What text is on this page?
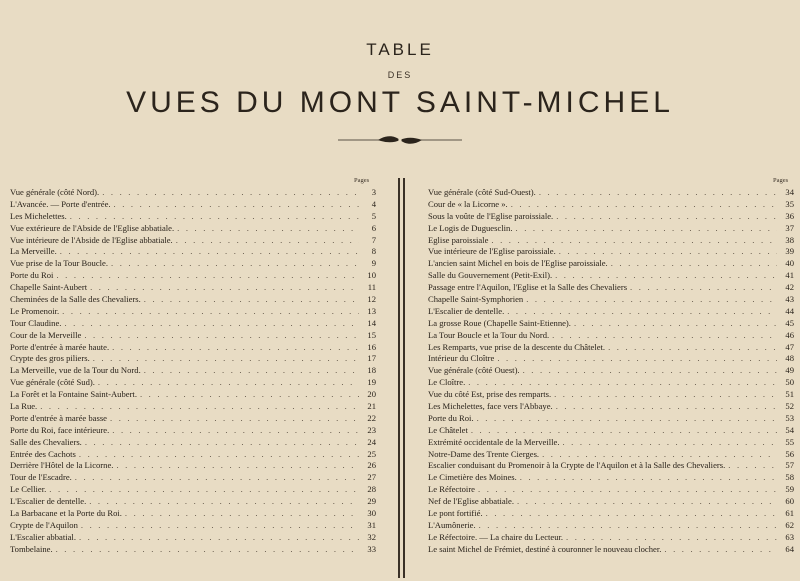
TABLE
DES
VUES DU MONT SAINT-MICHEL
Pages	Pages
Vue générale (côté Nord). . . .	3
L'Avancée. — Porte d'entrée. . . .	4
Les Michelettes. . . .	5
Vue extérieure de l'Abside de l'Eglise abbatiale. . . .	6
Vue intérieure de l'Abside de l'Eglise abbatiale. . . .	7
La Merveille. . . .	8
Vue prise de la Tour Boucle. . . .	9
Porte du Roi . . .	10
Chapelle Saint-Aubert . . .	11
Cheminées de la Salle des Chevaliers. . . .	12
Le Promenoir. . . .	13
Tour Claudine. . . .	14
Cour de la Merveille . . .	15
Porte d'entrée à marée haute. . . .	16
Crypte des gros piliers. . . .	17
La Merveille, vue de la Tour du Nord. . . .	18
Vue générale (côté Sud). . . .	19
La Forêt et la Fontaine Saint-Aubert. . . .	20
La Rue. . . .	21
Porte d'entrée à marée basse . . .	22
Porte du Roi, face intérieure. . . .	23
Salle des Chevaliers. . . .	24
Entrée des Cachots . . .	25
Derrière l'Hôtel de la Licorne. . . .	26
Tour de l'Escadre. . . .	27
Le Cellier. . . .	28
L'Escalier de dentelle. . . .	29
La Barbacane et la Porte du Roi. . . .	30
Crypte de l'Aquilon . . .	31
L'Escalier abbatial. . . .	32
Tombelaine. . . .	33
Vue générale (côté Sud-Ouest). . . .	34
Cour de « la Licorne ». . . .	35
Sous la voûte de l'Eglise paroissiale. . . .	36
Le Logis de Duguesclin. . . .	37
Eglise paroissiale . . .	38
Vue intérieure de l'Eglise paroissiale. . . .	39
L'ancien saint Michel en bois de l'Eglise paroissiale. . . .	40
Salle du Gouvernement (Petit-Exil). . . .	41
Passage entre l'Aquilon, l'Eglise et la Salle des Chevaliers . . .	42
Chapelle Saint-Symphorien . . .	43
L'Escalier de dentelle. . . .	44
La grosse Roue (Chapelle Saint-Etienne). . . .	45
La Tour Boucle et la Tour du Nord. . . .	46
Les Remparts, vue prise de la descente du Châtelet. . . .	47
Intérieur du Cloître . . .	48
Vue générale (côté Ouest). . . .	49
Le Cloître. . . .	50
Vue du côté Est, prise des remparts. . . .	51
Les Michelettes, face vers l'Abbaye. . . .	52
Porte du Roi. . . .	53
Le Châtelet . . .	54
Extrémité occidentale de la Merveille. . . .	55
Notre-Dame des Trente Cierges. . . .	56
Escalier conduisant du Promenoir à la Crypte de l'Aquilon et à la Salle des Chevaliers. . . .	57
Le Cimetière des Moines. . . .	58
Le Réfectoire . . .	59
Nef de l'Eglise abbatiale. . . .	60
Le pont fortifié. . . .	61
L'Aumônerie. . . .	62
Le Réfectoire. — La chaire du Lecteur. . . .	63
Le saint Michel de Frémiet, destiné à couronner le nouveau clocher. . . .	64
